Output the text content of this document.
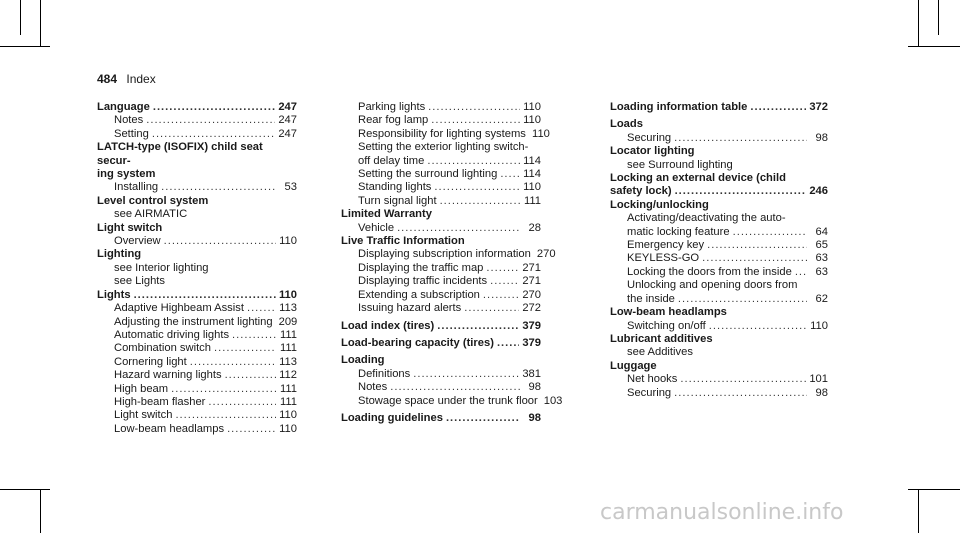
484 Index
Language .....	247
Notes .....	247
Setting .....	247
LATCH-type (ISOFIX) child seat secur-
ing system
Installing .....	53
Level control system
see AIRMATIC
Light switch
Overview .....	110
Lighting
see Interior lighting
see Lights
Lights .....	110
Adaptive Highbeam Assist .....	113
Adjusting the instrument lighting 209
Automatic driving lights .....	111
Combination switch .....	111
Cornering light .....	113
Hazard warning lights .....	112
High beam .....	111
High-beam flasher .....	111
Light switch .....	110
Low-beam headlamps .....	110
Parking lights .....	110
Rear fog lamp .....	110
Responsibility for lighting systems 110
Setting the exterior lighting switch-
off delay time .....	114
Setting the surround lighting ..... 114
Standing lights .....	110
Turn signal light .....	111
Limited Warranty
Vehicle .....	28
Live Traffic Information
Displaying subscription information 270
Displaying the traffic map .....	271
Displaying traffic incidents .....	271
Extending a subscription .....	270
Issuing hazard alerts .....	272
Load index (tires) .....	379
Load-bearing capacity (tires) .....	379
Loading
Definitions .....	381
Notes .....	98
Stowage space under the trunk floor 103
Loading guidelines .....	98
Loading information table .....	372
Loads
Securing .....	98
Locator lighting
see Surround lighting
Locking an external device (child
safety lock) .....	246
Locking/unlocking
Activating/deactivating the auto-
matic locking feature .....	64
Emergency key .....	65
KEYLESS-GO .....	63
Locking the doors from the inside .....	63
Unlocking and opening doors from
the inside .....	62
Low-beam headlamps
Switching on/off .....	110
Lubricant additives
see Additives
Luggage
Net hooks .....	101
Securing .....	98
carmanualsonline.info
